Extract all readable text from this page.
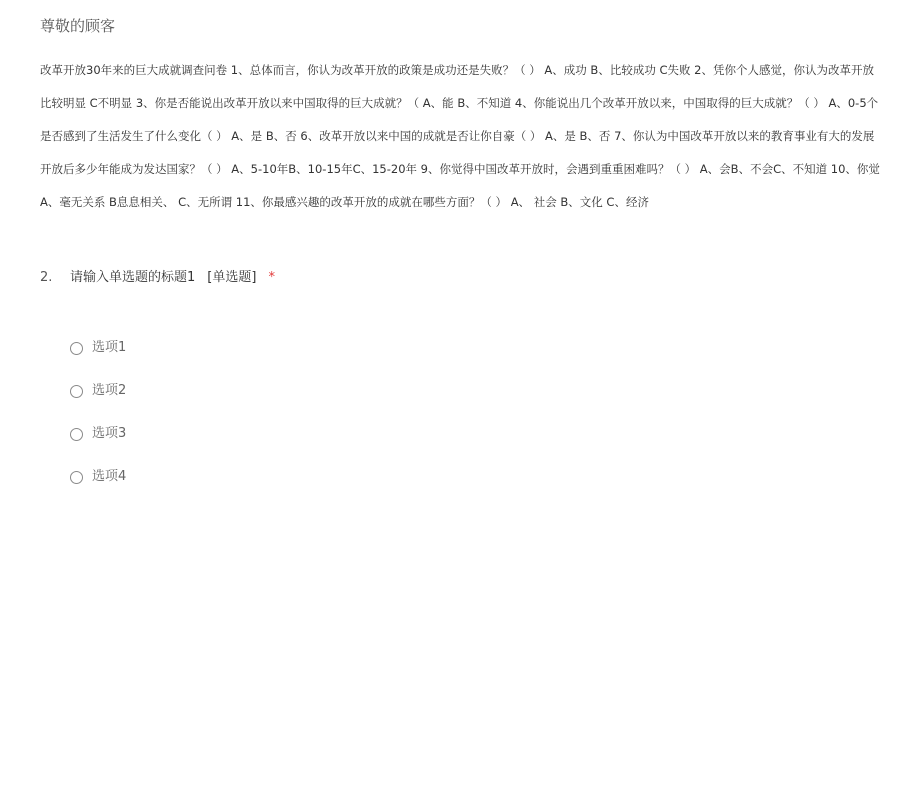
尊敬的顾客
改革开放30年来的巨大成就调查问卷 1、总体而言，你认为改革开放的政策是成功还是失败？（ ） A、成功 B、比较成功 C失败 2、凭你个人感觉，你认为改革开放
比较明显 C不明显 3、你是否能说出改革开放以来中国取得的巨大成就？（ A、能 B、不知道 4、你能说出几个改革开放以来，中国取得的巨大成就？（ ） A、0-5个
是否感到了生活发生了什么变化（ ） A、是 B、否 6、改革开放以来中国的成就是否让你自豪（ ） A、是 B、否 7、你认为中国改革开放以来的教育事业有大的发展
开放后多少年能成为发达国家？（ ） A、5-10年B、10-15年C、15-20年 9、你觉得中国改革开放时，会遇到重重困难吗？（ ） A、会B、不会C、不知道 10、你觉
A、毫无关系 B息息相关、 C、无所谓 11、你最感兴趣的改革开放的成就在哪些方面？（ ） A、 社会 B、文化 C、经济
2. 请输入单选题的标题1 [单选题] *
选项1
选项2
选项3
选项4
